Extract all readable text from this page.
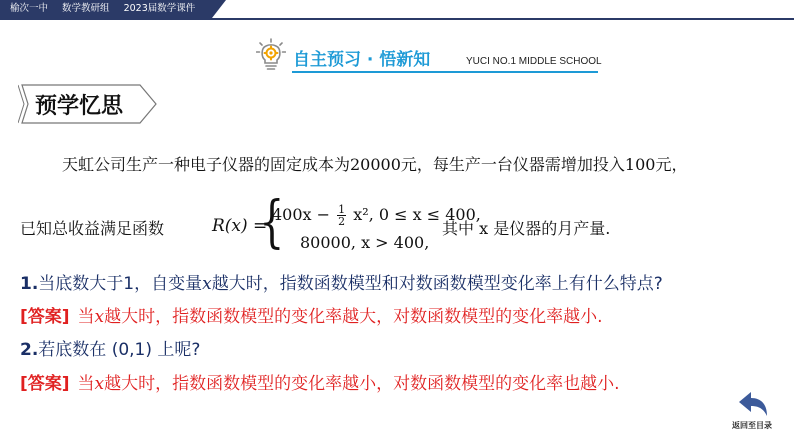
榆次一中 数学教研组 2023届数学课件
自主预习 · 悟新知	YUCI NO.1 MIDDLE SCHOOL
预学忆思
天虹公司生产一种电子仪器的固定成本为20000元，每生产一台仪器需增加投入100元，
已知总收益满足函数	R(x) =
{
$400x - \frac{1}{2} x^2$, 0 ≤ x ≤ 400,
80000, x > 400,
其中 x 是仪器的月产量.
1.当底数大于1，自变量x越大时，指数函数模型和对数函数模型变化率上有什么特点?
[答案] 当x越大时，指数函数模型的变化率越大，对数函数模型的变化率越小.
2.若底数在 (0,1) 上呢?
[答案] 当x越大时，指数函数模型的变化率越小，对数函数模型的变化率也越小.
返回至目录
